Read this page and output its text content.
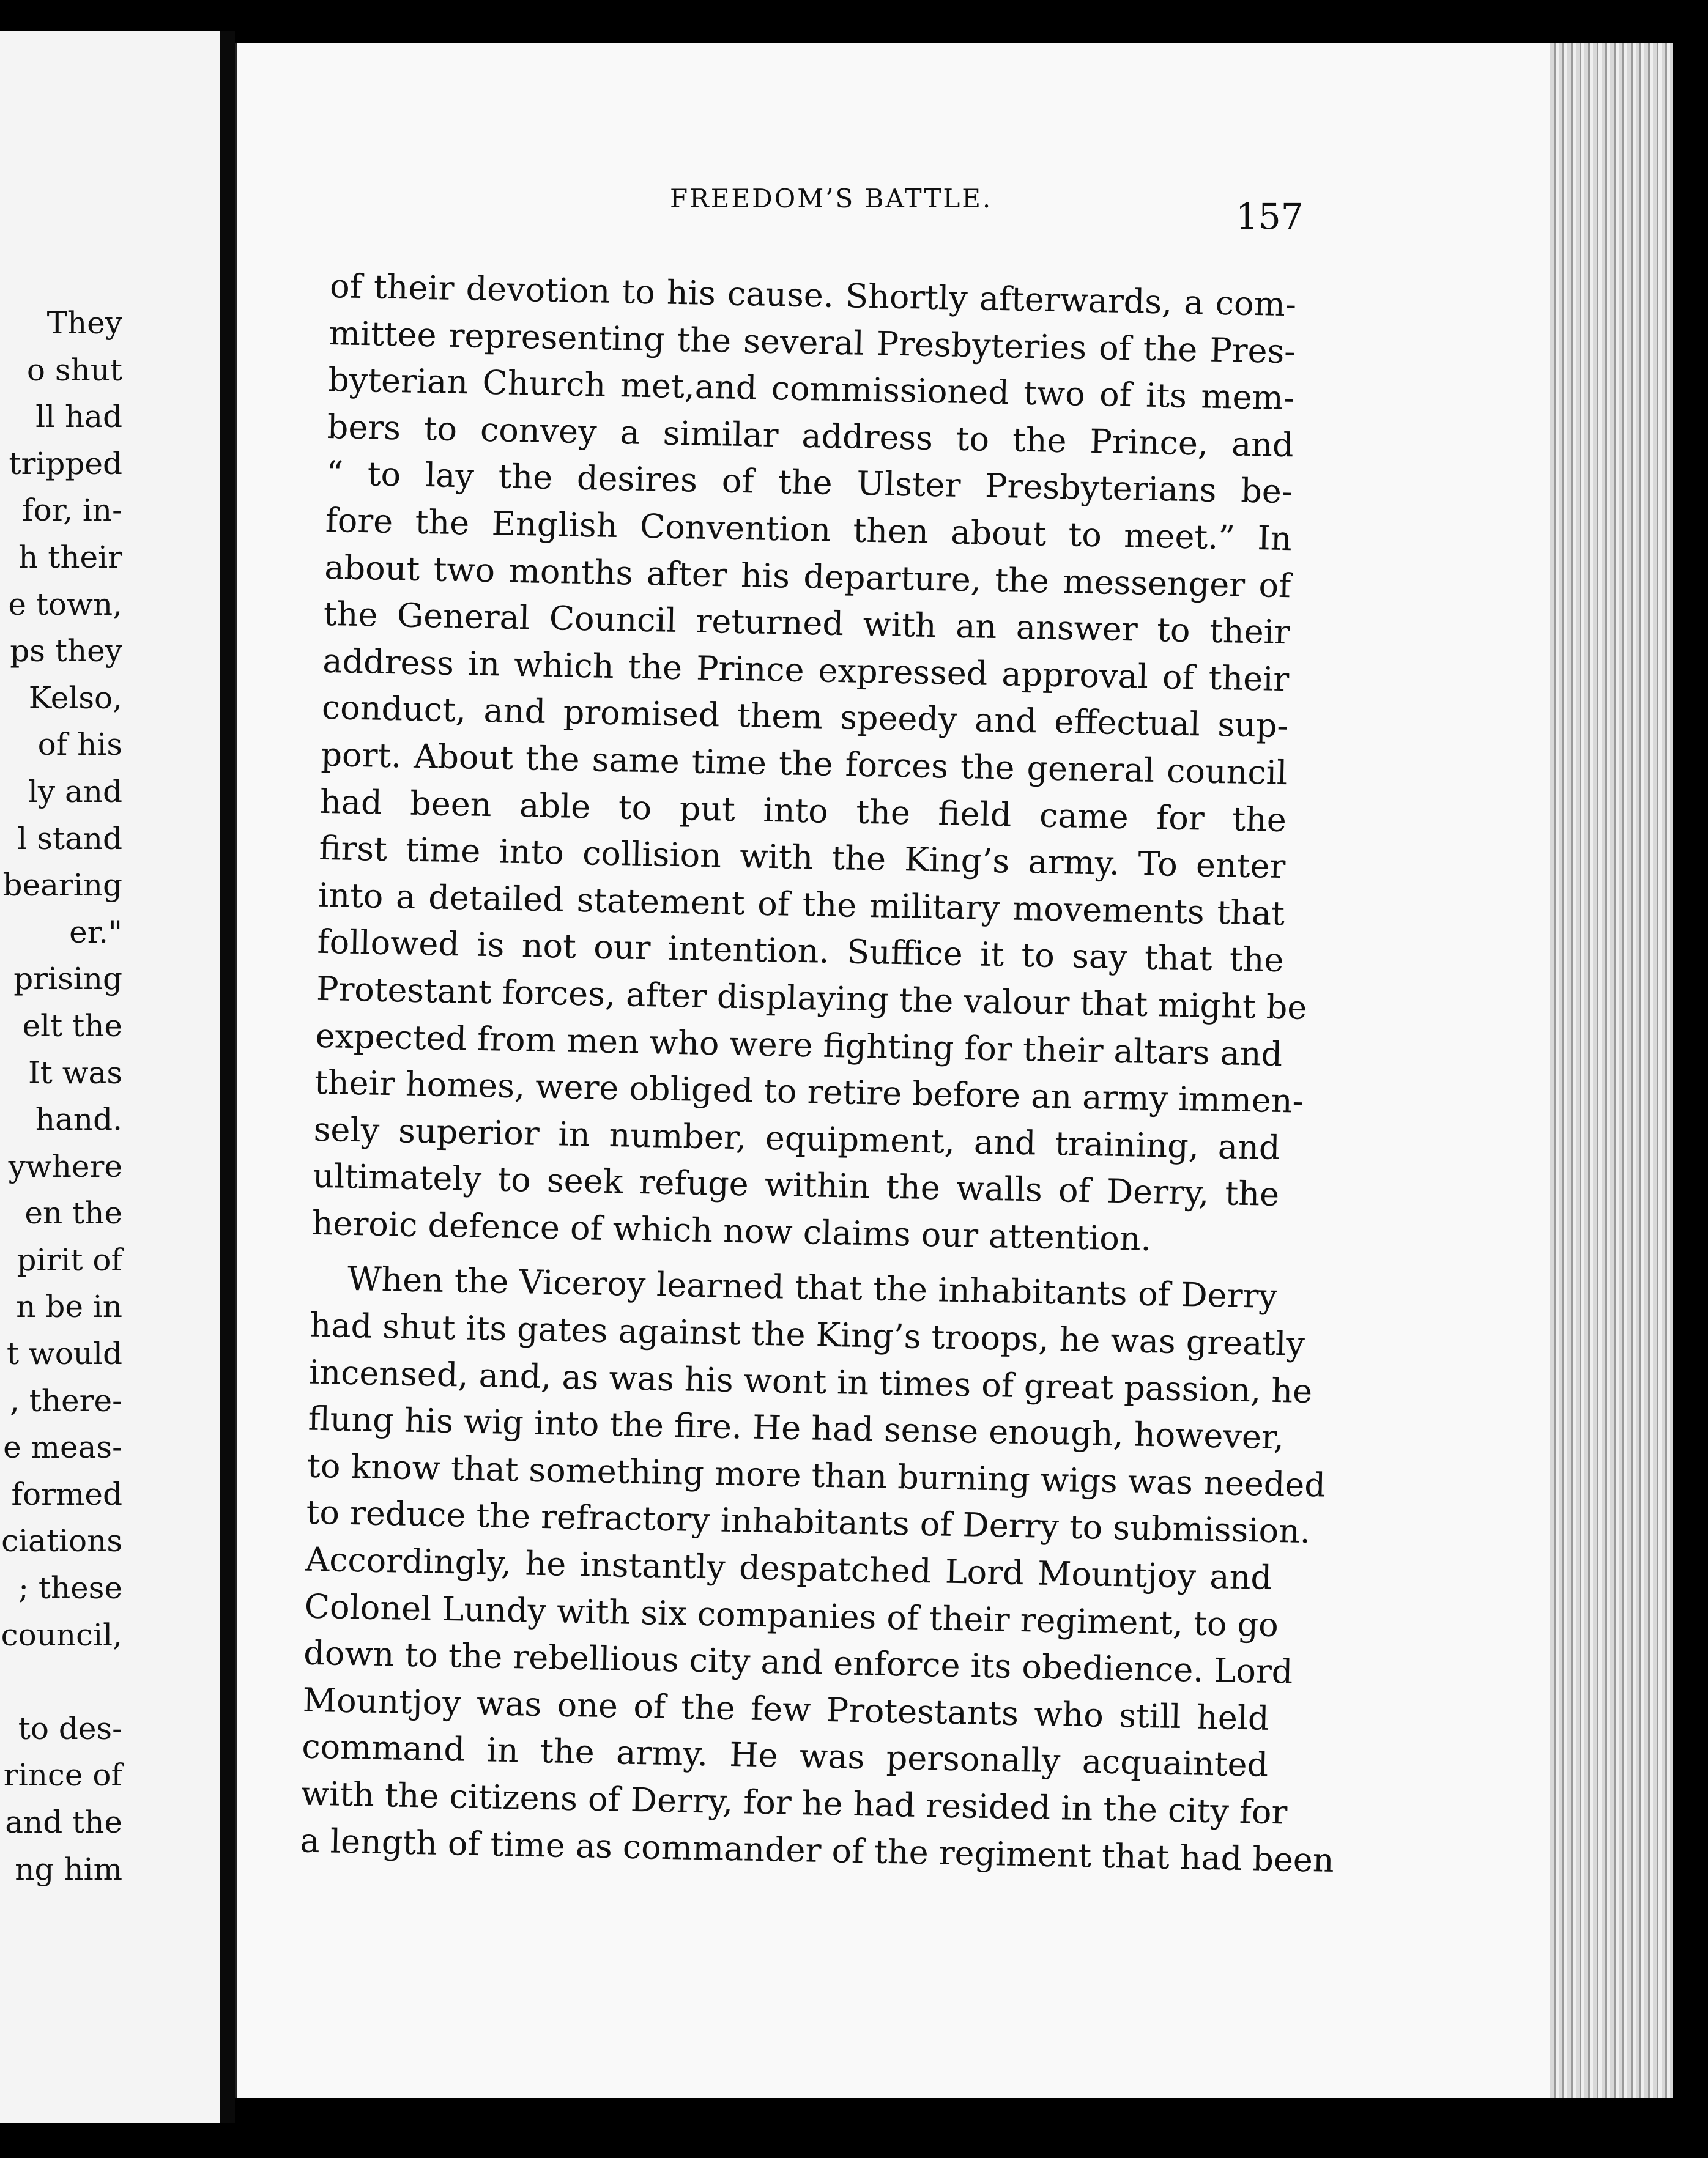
They
o shut
ll had
tripped
for, in-
h their
e town,
ps they
Kelso,
of his
ly and
l stand
bearing
er."
prising
elt the
It was
hand.
ywhere
en the
pirit of
n be in
t would
, there-
e meas-
formed
ciations
; these
council,
to des-
rince of
and the
ng him
FREEDOM’S BATTLE.	157
of their devotion to his cause. Shortly afterwards, a com-
mittee representing the several Presbyteries of the Pres-
byterian Church met,and commissioned two of its mem-
bers to convey a similar address to the Prince, and
“ to lay the desires of the Ulster Presbyterians be-
fore the English Convention then about to meet.” In
about two months after his departure, the messenger of
the General Council returned with an answer to their
address in which the Prince expressed approval of their
conduct, and promised them speedy and effectual sup-
port. About the same time the forces the general council
had been able to put into the field came for the
first time into collision with the King’s army. To enter
into a detailed statement of the military movements that
followed is not our intention. Suffice it to say that the
Protestant forces, after displaying the valour that might be
expected from men who were fighting for their altars and
their homes, were obliged to retire before an army immen-
sely superior in number, equipment, and training, and
ultimately to seek refuge within the walls of Derry, the
heroic defence of which now claims our attention.
When the Viceroy learned that the inhabitants of Derry
had shut its gates against the King’s troops, he was greatly
incensed, and, as was his wont in times of great passion, he
flung his wig into the fire. He had sense enough, however,
to know that something more than burning wigs was needed
to reduce the refractory inhabitants of Derry to submission.
Accordingly, he instantly despatched Lord Mountjoy and
Colonel Lundy with six companies of their regiment, to go
down to the rebellious city and enforce its obedience. Lord
Mountjoy was one of the few Protestants who still held
command in the army. He was personally acquainted
with the citizens of Derry, for he had resided in the city for
a length of time as commander of the regiment that had been
